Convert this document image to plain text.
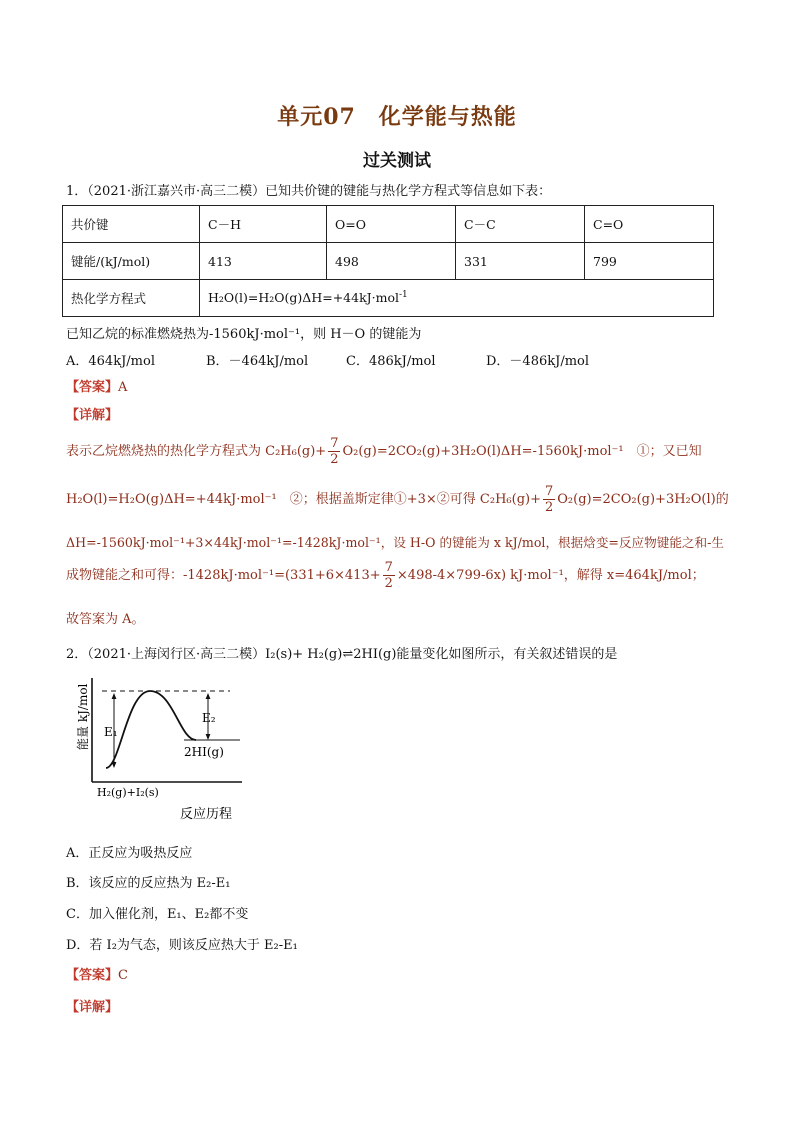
单元07　化学能与热能
过关测试
1．（2021·浙江嘉兴市·高三二模）已知共价键的键能与热化学方程式等信息如下表：
共价键	C－H	O=O	C－C	C=O
键能/(kJ/mol)	413	498	331	799
热化学方程式	H₂O(l)=H₂O(g)ΔH=+44kJ·mol$^{-1}$
已知乙烷的标准燃烧热为-1560kJ·mol⁻¹，则 H－O 的键能为
A．464kJ/mol	B．－464kJ/mol	C．486kJ/mol	D．－486kJ/mol
【答案】A
【详解】
表示乙烷燃烧热的热化学方程式为 $C_2H_6(g)+ \frac{7}{2} O_2(g)=2CO_2(g)+3H_2O(l)\Delta H=-1560kJ\cdot mol^{-1}$　①；又已知
H₂O(l)=H₂O(g)ΔH=+44kJ·mol⁻¹　②；根据盖斯定律①+3×②可得 $C_2H_6(g)+ \frac{7}{2} O_2(g)=2CO_2(g)+3H_2O(l)$的
ΔH=-1560kJ·mol⁻¹+3×44kJ·mol⁻¹=-1428kJ·mol⁻¹，设 H-O 的键能为 x kJ/mol，根据焓变=反应物键能之和-生
成物键能之和可得：$-1428kJ\cdot mol^{-1}=(331+6\times 413+ \frac{7}{2} \times 498-4\times 799-6x)$ kJ·mol⁻¹，解得 x=464kJ/mol；
故答案为 A。
2．（2021·上海闵行区·高三二模）I₂(s)+ H₂(g)⇌2HI(g)能量变化如图所示，有关叙述错误的是
E₁
E₂
2HI(g)
H₂(g)+I₂(s)
反应历程
能量 kJ/mol
A．正反应为吸热反应
B．该反应的反应热为 E₂-E₁
C．加入催化剂，E₁、E₂都不变
D．若 I₂为气态，则该反应热大于 E₂-E₁
【答案】C
【详解】
